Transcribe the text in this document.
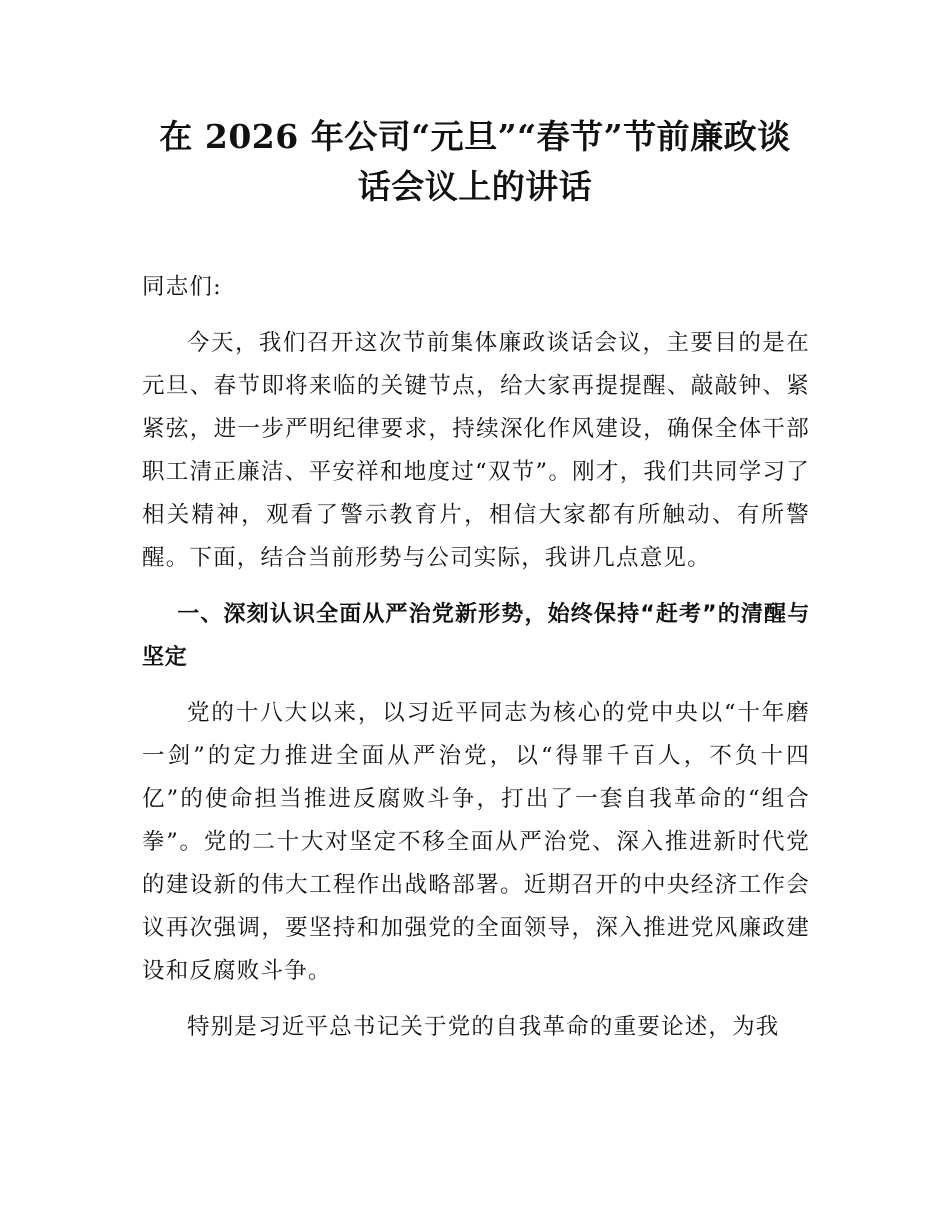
在 2026 年公司“元旦”“春节”节前廉政谈
话会议上的讲话

同志们:

今天，我们召开这次节前集体廉政谈话会议，主要目的是在元旦、春节即将来临的关键节点，给大家再提提醒、敲敲钟、紧紧弦，进一步严明纪律要求，持续深化作风建设，确保全体干部职工清正廉洁、平安祥和地度过“双节”。刚才，我们共同学习了相关精神，观看了警示教育片，相信大家都有所触动、有所警醒。下面，结合当前形势与公司实际，我讲几点意见。

一、深刻认识全面从严治党新形势，始终保持“赶考”的清醒与坚定

党的十八大以来，以习近平同志为核心的党中央以“十年磨一剑”的定力推进全面从严治党，以“得罪千百人，不负十四亿”的使命担当推进反腐败斗争，打出了一套自我革命的“组合拳”。党的二十大对坚定不移全面从严治党、深入推进新时代党的建设新的伟大工程作出战略部署。近期召开的中央经济工作会议再次强调，要坚持和加强党的全面领导，深入推进党风廉政建设和反腐败斗争。

特别是习近平总书记关于党的自我革命的重要论述，为我
